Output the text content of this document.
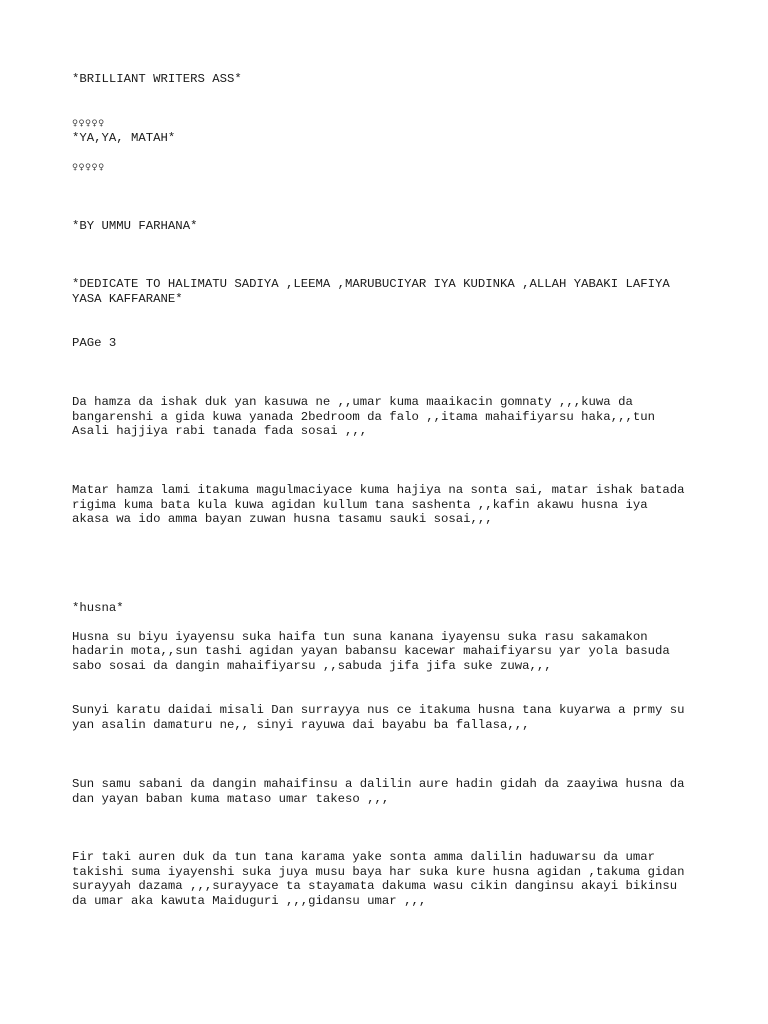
*BRILLIANT WRITERS ASS*

♀♀♀♀♀

*YA,YA, MATAH*

♀♀♀♀♀

*BY UMMU FARHANA*

*DEDICATE TO HALIMATU SADIYA ,LEEMA ,MARUBUCIYAR IYA KUDINKA ,ALLAH YABAKI LAFIYA

YASA KAFFARANE*

PAGe 3

Da hamza da ishak duk yan kasuwa ne ,,umar kuma maaikacin gomnaty ,,,kuwa da

bangarenshi a gida kuwa yanada 2bedroom da falo ,,itama mahaifiyarsu haka,,,tun

Asali hajjiya rabi tanada fada sosai ,,,

Matar hamza lami itakuma magulmaciyace kuma hajiya na sonta sai, matar ishak batada

rigima kuma bata kula kuwa agidan kullum tana sashenta ,,kafin akawu husna iya

akasa wa ido amma bayan zuwan husna tasamu sauki sosai,,,

*husna*

Husna su biyu iyayensu suka haifa tun suna kanana iyayensu suka rasu sakamakon

hadarin mota,,sun tashi agidan yayan babansu kacewar mahaifiyarsu yar yola basuda

sabo sosai da dangin mahaifiyarsu ,,sabuda jifa jifa suke zuwa,,,

Sunyi karatu daidai misali Dan surrayya nus ce itakuma husna tana kuyarwa a prmy su

yan asalin damaturu ne,, sinyi rayuwa dai bayabu ba fallasa,,,

Sun samu sabani da dangin mahaifinsu a dalilin aure hadin gidah da zaayiwa husna da

dan yayan baban kuma mataso umar takeso ,,,

Fir taki auren duk da tun tana karama yake sonta amma dalilin haduwarsu da umar

takishi suma iyayenshi suka juya musu baya har suka kure husna agidan ,takuma gidan

surayyah dazama ,,,surayyace ta stayamata dakuma wasu cikin danginsu akayi bikinsu

da umar aka kawuta Maiduguri ,,,gidansu umar ,,,
